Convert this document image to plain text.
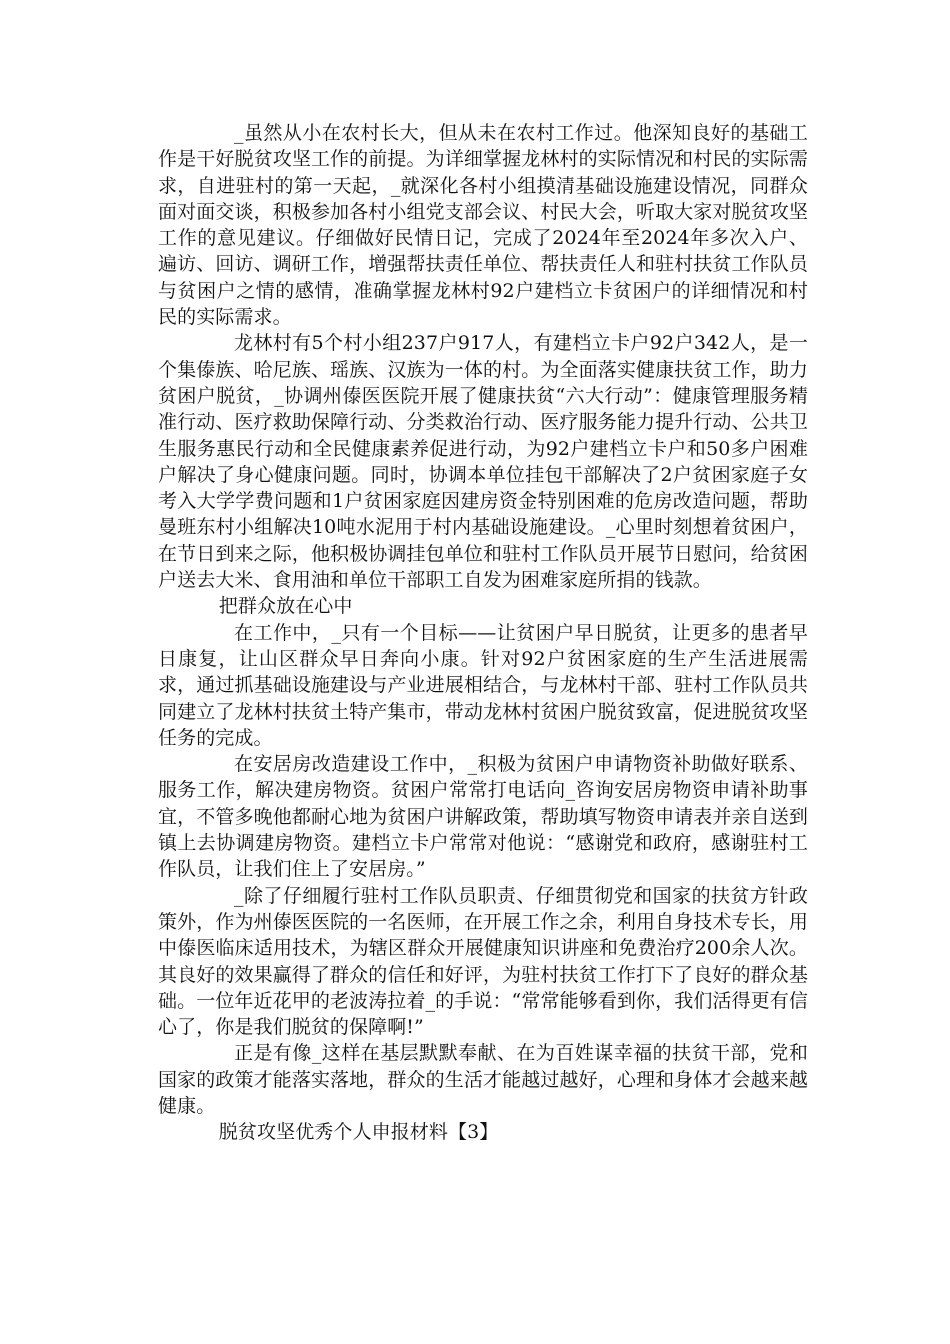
_虽然从小在农村长大，但从未在农村工作过。他深知良好的基础工作是干好脱贫攻坚工作的前提。为详细掌握龙林村的实际情况和村民的实际需求，自进驻村的第一天起，_就深化各村小组摸清基础设施建设情况，同群众面对面交谈，积极参加各村小组党支部会议、村民大会，听取大家对脱贫攻坚工作的意见建议。仔细做好民情日记，完成了2024年至2024年多次入户、遍访、回访、调研工作，增强帮扶责任单位、帮扶责任人和驻村扶贫工作队员与贫困户之情的感情，准确掌握龙林村92户建档立卡贫困户的详细情况和村民的实际需求。

龙林村有5个村小组237户917人，有建档立卡户92户342人，是一个集傣族、哈尼族、瑶族、汉族为一体的村。为全面落实健康扶贫工作，助力贫困户脱贫，_协调州傣医医院开展了健康扶贫“六大行动”：健康管理服务精准行动、医疗救助保障行动、分类救治行动、医疗服务能力提升行动、公共卫生服务惠民行动和全民健康素养促进行动，为92户建档立卡户和50多户困难户解决了身心健康问题。同时，协调本单位挂包干部解决了2户贫困家庭子女考入大学学费问题和1户贫困家庭因建房资金特别困难的危房改造问题，帮助曼班东村小组解决10吨水泥用于村内基础设施建设。_心里时刻想着贫困户，在节日到来之际，他积极协调挂包单位和驻村工作队员开展节日慰问，给贫困户送去大米、食用油和单位干部职工自发为困难家庭所捐的钱款。

把群众放在心中

在工作中，_只有一个目标——让贫困户早日脱贫，让更多的患者早日康复，让山区群众早日奔向小康。针对92户贫困家庭的生产生活进展需求，通过抓基础设施建设与产业进展相结合，与龙林村干部、驻村工作队员共同建立了龙林村扶贫土特产集市，带动龙林村贫困户脱贫致富，促进脱贫攻坚任务的完成。

在安居房改造建设工作中，_积极为贫困户申请物资补助做好联系、服务工作，解决建房物资。贫困户常常打电话向_咨询安居房物资申请补助事宜，不管多晚他都耐心地为贫困户讲解政策，帮助填写物资申请表并亲自送到镇上去协调建房物资。建档立卡户常常对他说：“感谢党和政府，感谢驻村工作队员，让我们住上了安居房。”

_除了仔细履行驻村工作队员职责、仔细贯彻党和国家的扶贫方针政策外，作为州傣医医院的一名医师，在开展工作之余，利用自身技术专长，用中傣医临床适用技术，为辖区群众开展健康知识讲座和免费治疗200余人次。其良好的效果赢得了群众的信任和好评，为驻村扶贫工作打下了良好的群众基础。一位年近花甲的老波涛拉着_的手说：“常常能够看到你，我们活得更有信心了，你是我们脱贫的保障啊!”

正是有像_这样在基层默默奉献、在为百姓谋幸福的扶贫干部，党和国家的政策才能落实落地，群众的生活才能越过越好，心理和身体才会越来越健康。

脱贫攻坚优秀个人申报材料【3】
